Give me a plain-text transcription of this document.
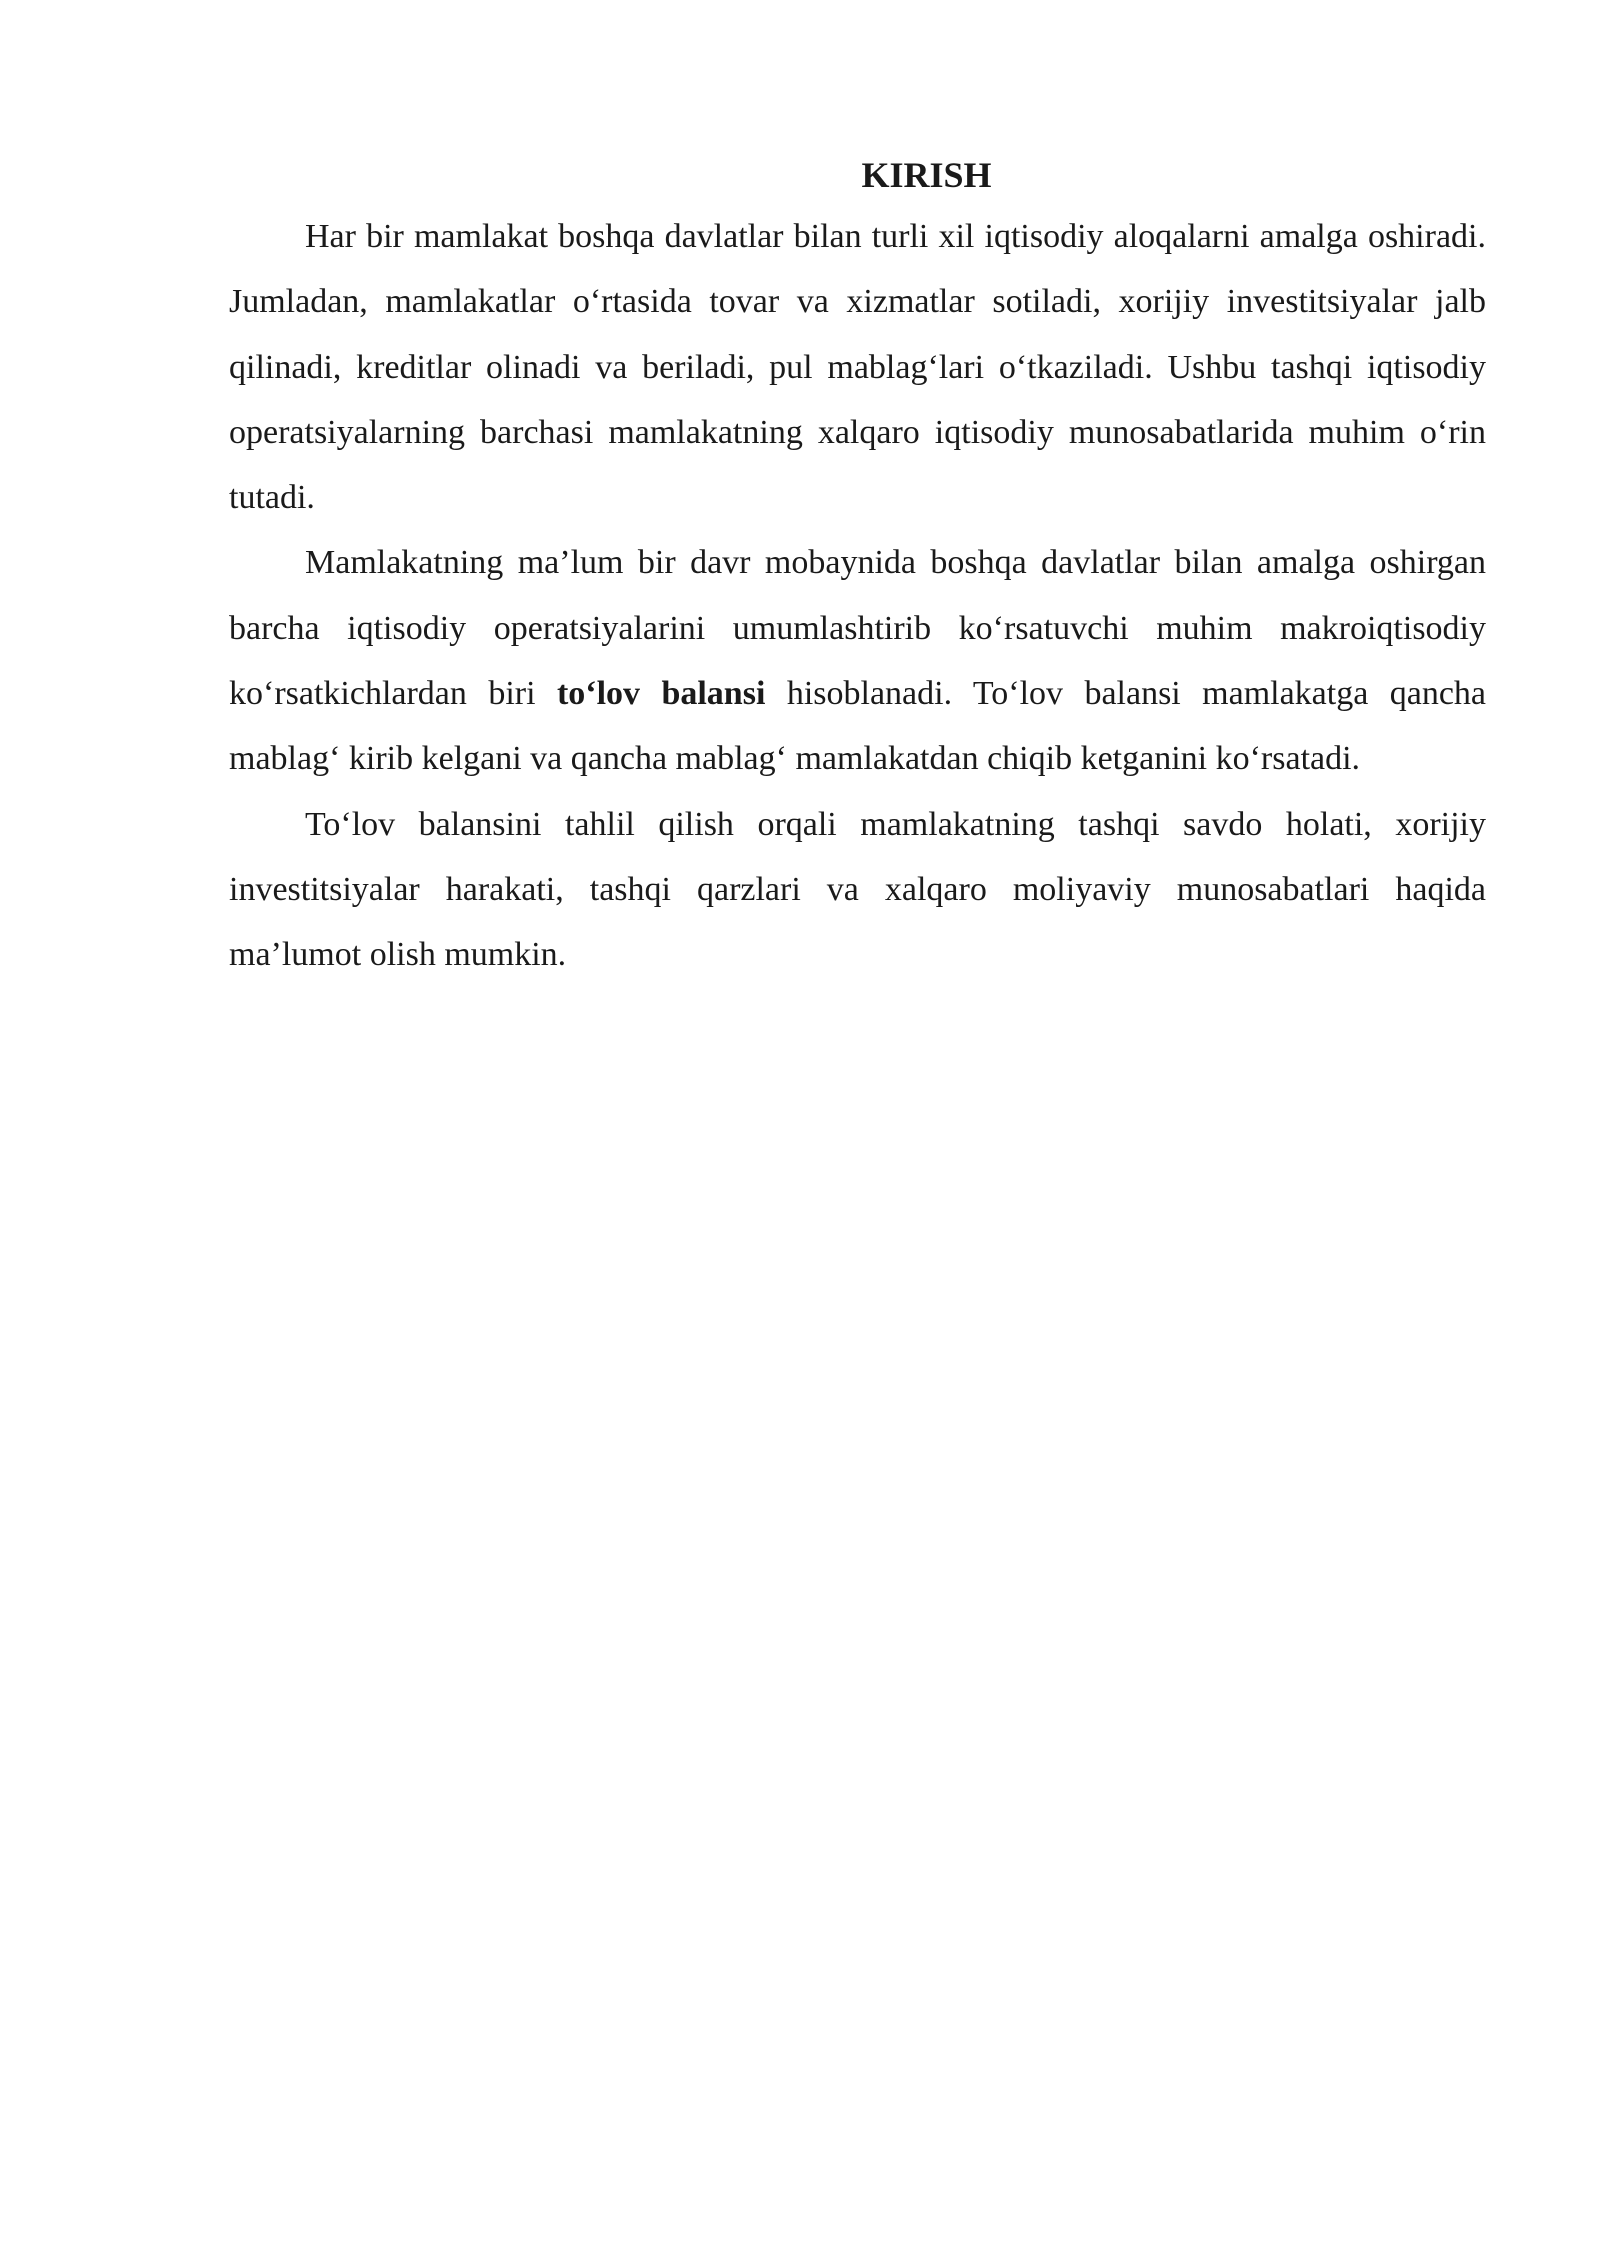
KIRISH

Har bir mamlakat boshqa davlatlar bilan turli xil iqtisodiy aloqalarni amalga oshiradi. Jumladan, mamlakatlar o‘rtasida tovar va xizmatlar sotiladi, xorijiy investitsiyalar jalb qilinadi, kreditlar olinadi va beriladi, pul mablag‘lari o‘tkaziladi. Ushbu tashqi iqtisodiy operatsiyalarning barchasi mamlakatning xalqaro iqtisodiy munosabatlarida muhim o‘rin tutadi.

Mamlakatning ma’lum bir davr mobaynida boshqa davlatlar bilan amalga oshirgan barcha iqtisodiy operatsiyalarini umumlashtirib ko‘rsatuvchi muhim makroiqtisodiy ko‘rsatkichlardan biri to‘lov balansi hisoblanadi. To‘lov balansi mamlakatga qancha mablag‘ kirib kelgani va qancha mablag‘ mamlakatdan chiqib ketganini ko‘rsatadi.

To‘lov balansini tahlil qilish orqali mamlakatning tashqi savdo holati, xorijiy investitsiyalar harakati, tashqi qarzlari va xalqaro moliyaviy munosabatlari haqida ma’lumot olish mumkin.
